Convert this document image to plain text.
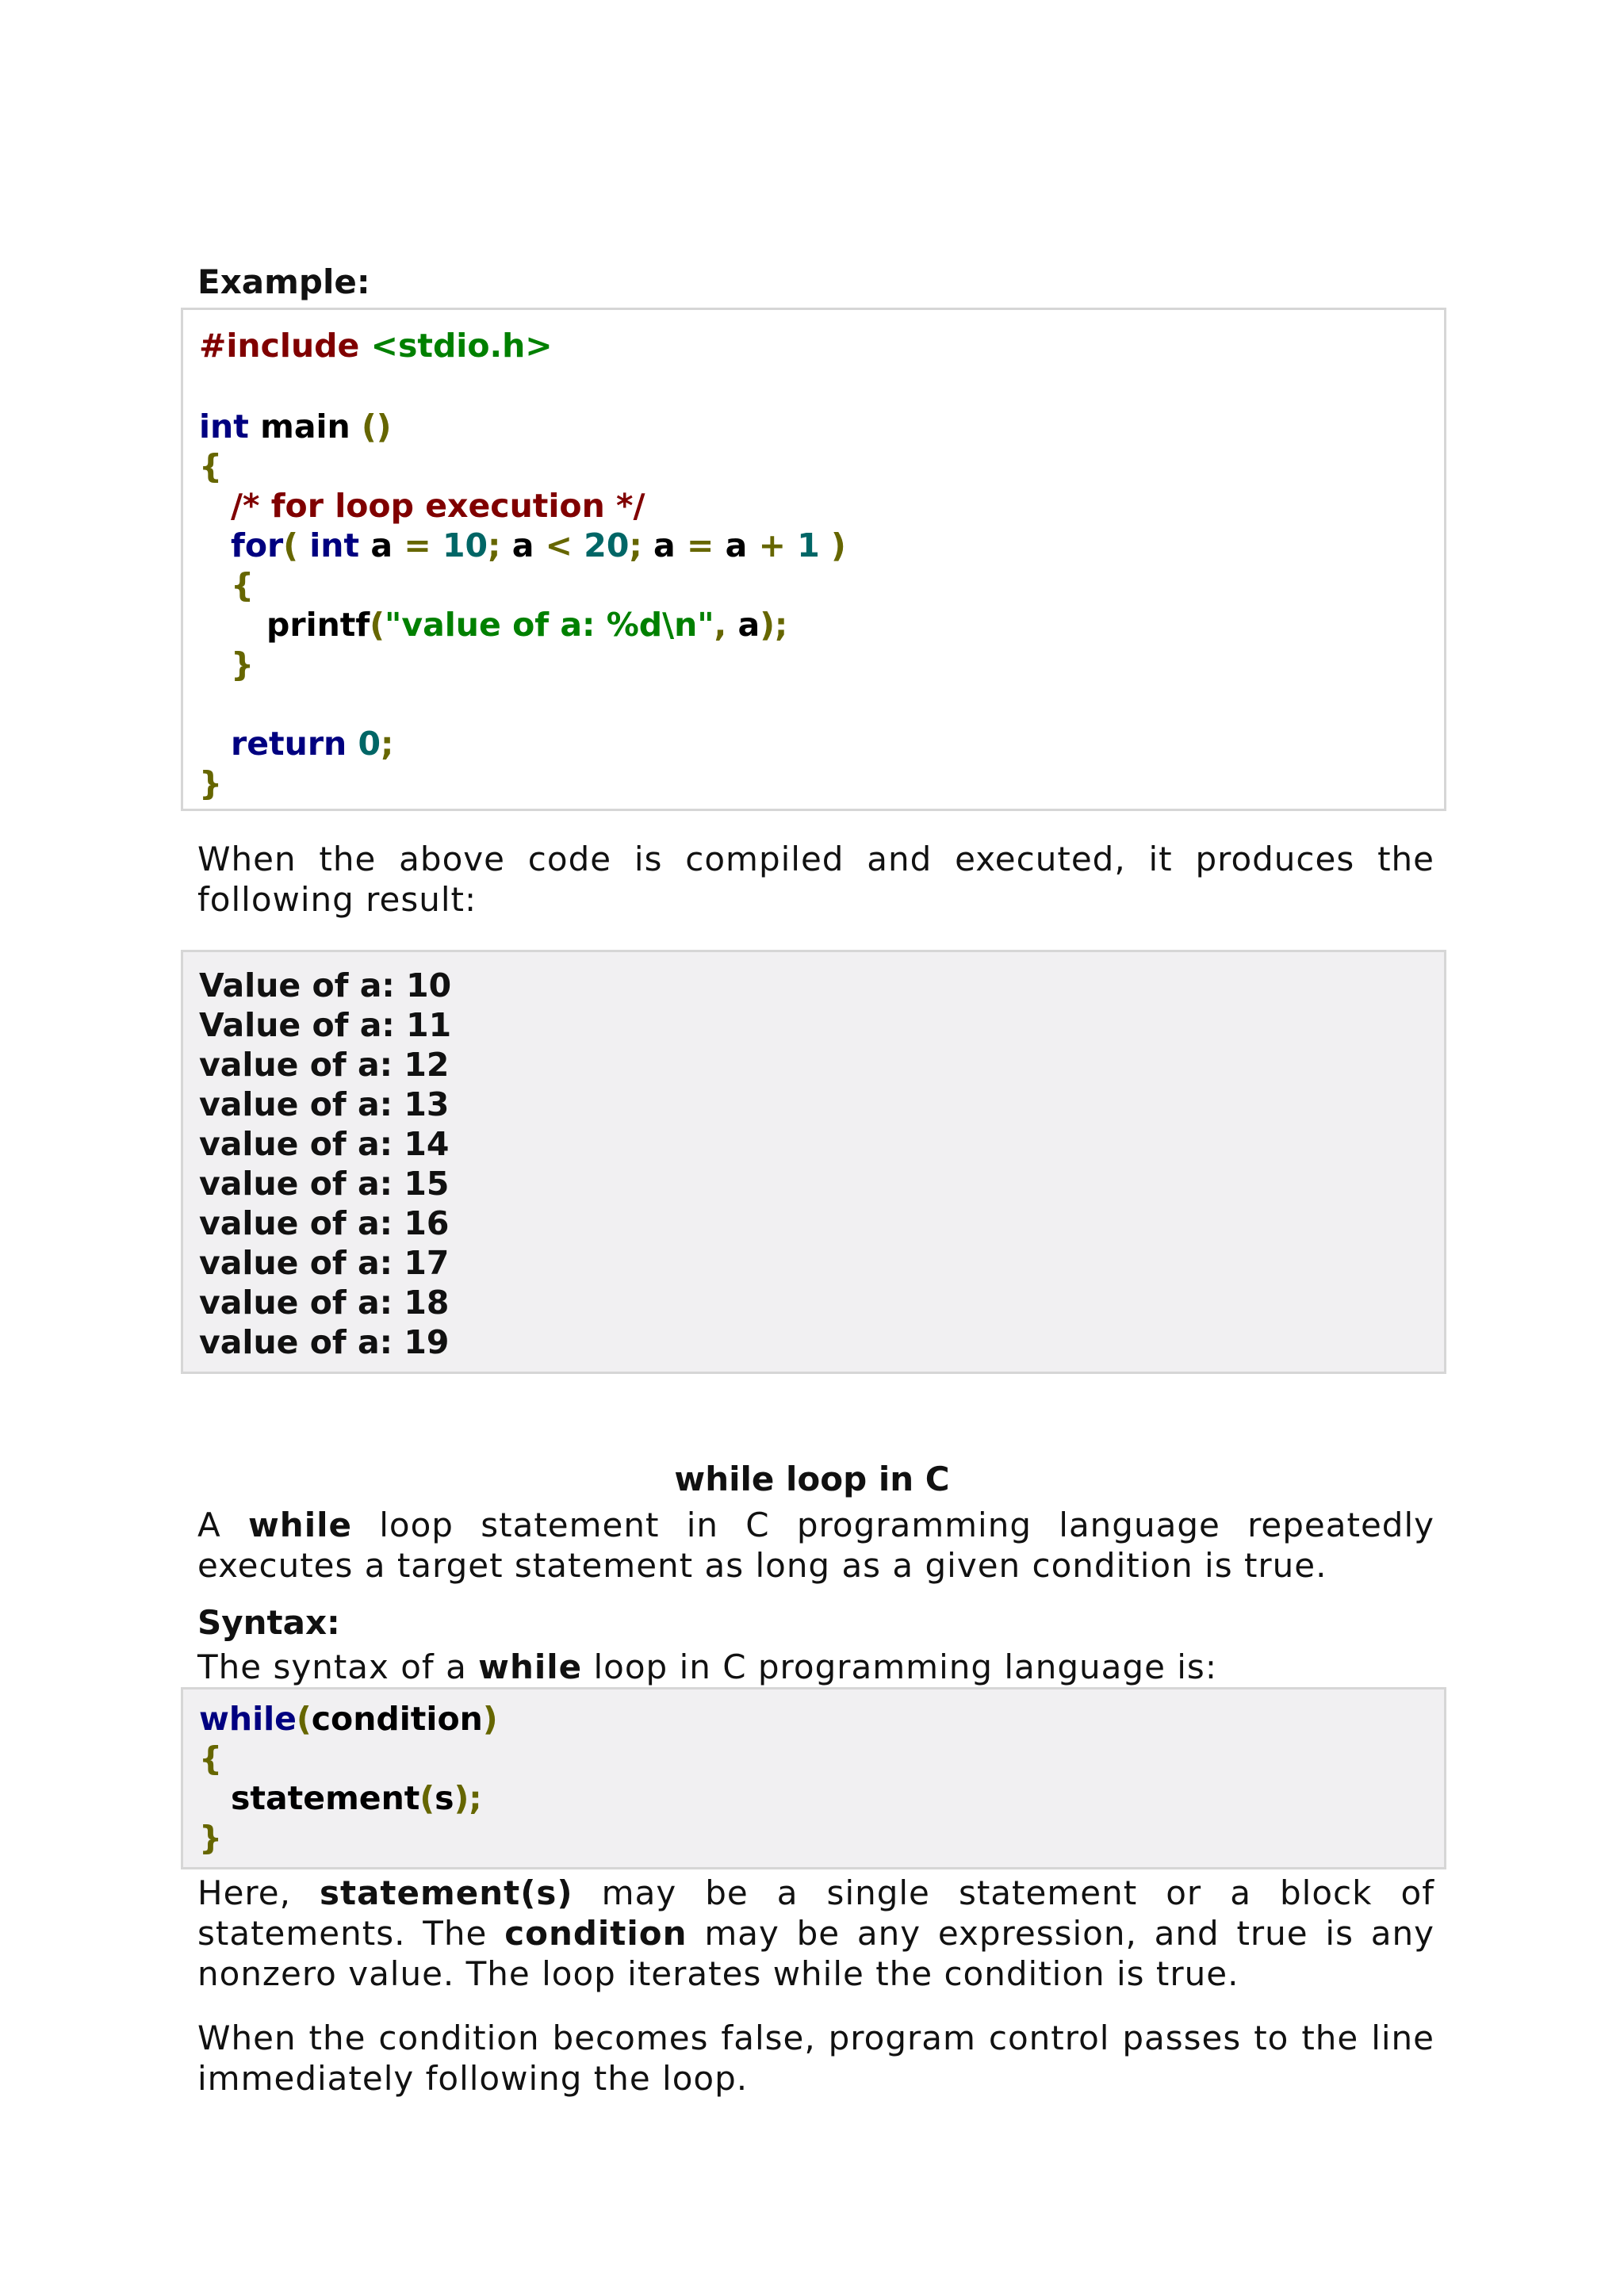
Example:
#include <stdio.h>
int main ()
{
/* for loop execution */
for( int a = 10; a < 20; a = a + 1 )
{
printf("value of a: %d\n", a);
}
return 0;
}
When the above code is compiled and executed, it produces the following result:
Value of a: 10
Value of a: 11
value of a: 12
value of a: 13
value of a: 14
value of a: 15
value of a: 16
value of a: 17
value of a: 18
value of a: 19
while loop in C
A while loop statement in C programming language repeatedly executes a target statement as long as a given condition is true.
Syntax:
The syntax of a while loop in C programming language is:
while(condition)
{
statement(s);
}
Here, statement(s) may be a single statement or a block of statements. The condition may be any expression, and true is any nonzero value. The loop iterates while the condition is true.
When the condition becomes false, program control passes to the line immediately following the loop.
